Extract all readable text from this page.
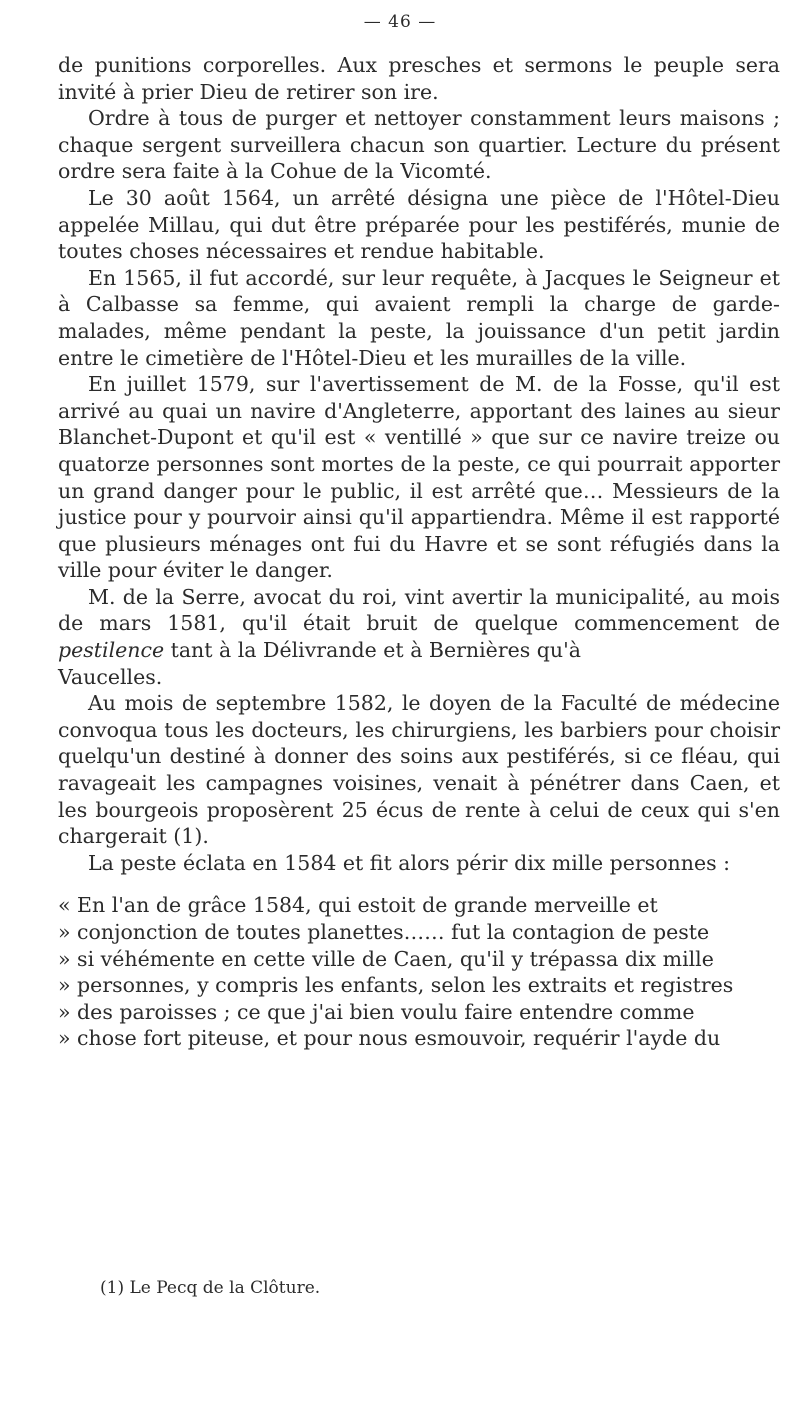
— 46 —

de punitions corporelles. Aux presches et sermons le peuple sera invité à prier Dieu de retirer son ire.

Ordre à tous de purger et nettoyer constamment leurs maisons ; chaque sergent surveillera chacun son quartier. Lecture du présent ordre sera faite à la Cohue de la Vicomté.

Le 30 août 1564, un arrêté désigna une pièce de l'Hôtel-Dieu appelée Millau, qui dut être préparée pour les pestiférés, munie de toutes choses nécessaires et rendue habitable.

En 1565, il fut accordé, sur leur requête, à Jacques le Seigneur et à Calbasse sa femme, qui avaient rempli la charge de garde-malades, même pendant la peste, la jouissance d'un petit jardin entre le cimetière de l'Hôtel-Dieu et les murailles de la ville.

En juillet 1579, sur l'avertissement de M. de la Fosse, qu'il est arrivé au quai un navire d'Angleterre, apportant des laines au sieur Blanchet-Dupont et qu'il est « ventillé » que sur ce navire treize ou quatorze personnes sont mortes de la peste, ce qui pourrait apporter un grand danger pour le public, il est arrêté que… Messieurs de la justice pour y pourvoir ainsi qu'il appartiendra. Même il est rapporté que plusieurs ménages ont fui du Havre et se sont réfugiés dans la ville pour éviter le danger.

M. de la Serre, avocat du roi, vint avertir la municipalité, au mois de mars 1581, qu'il était bruit de quelque commencement de pestilence tant à la Délivrande et à Bernières qu'à

Vaucelles.

Au mois de septembre 1582, le doyen de la Faculté de médecine convoqua tous les docteurs, les chirurgiens, les barbiers pour choisir quelqu'un destiné à donner des soins aux pestiférés, si ce fléau, qui ravageait les campagnes voisines, venait à pénétrer dans Caen, et les bourgeois proposèrent 25 écus de rente à celui de ceux qui s'en chargerait (1).

La peste éclata en 1584 et fit alors périr dix mille personnes :

« En l'an de grâce 1584, qui estoit de grande merveille et
» conjonction de toutes planettes…… fut la contagion de peste
» si véhémente en cette ville de Caen, qu'il y trépassa dix mille
» personnes, y compris les enfants, selon les extraits et registres
» des paroisses ; ce que j'ai bien voulu faire entendre comme
» chose fort piteuse, et pour nous esmouvoir, requérir l'ayde du

(1) Le Pecq de la Clôture.
